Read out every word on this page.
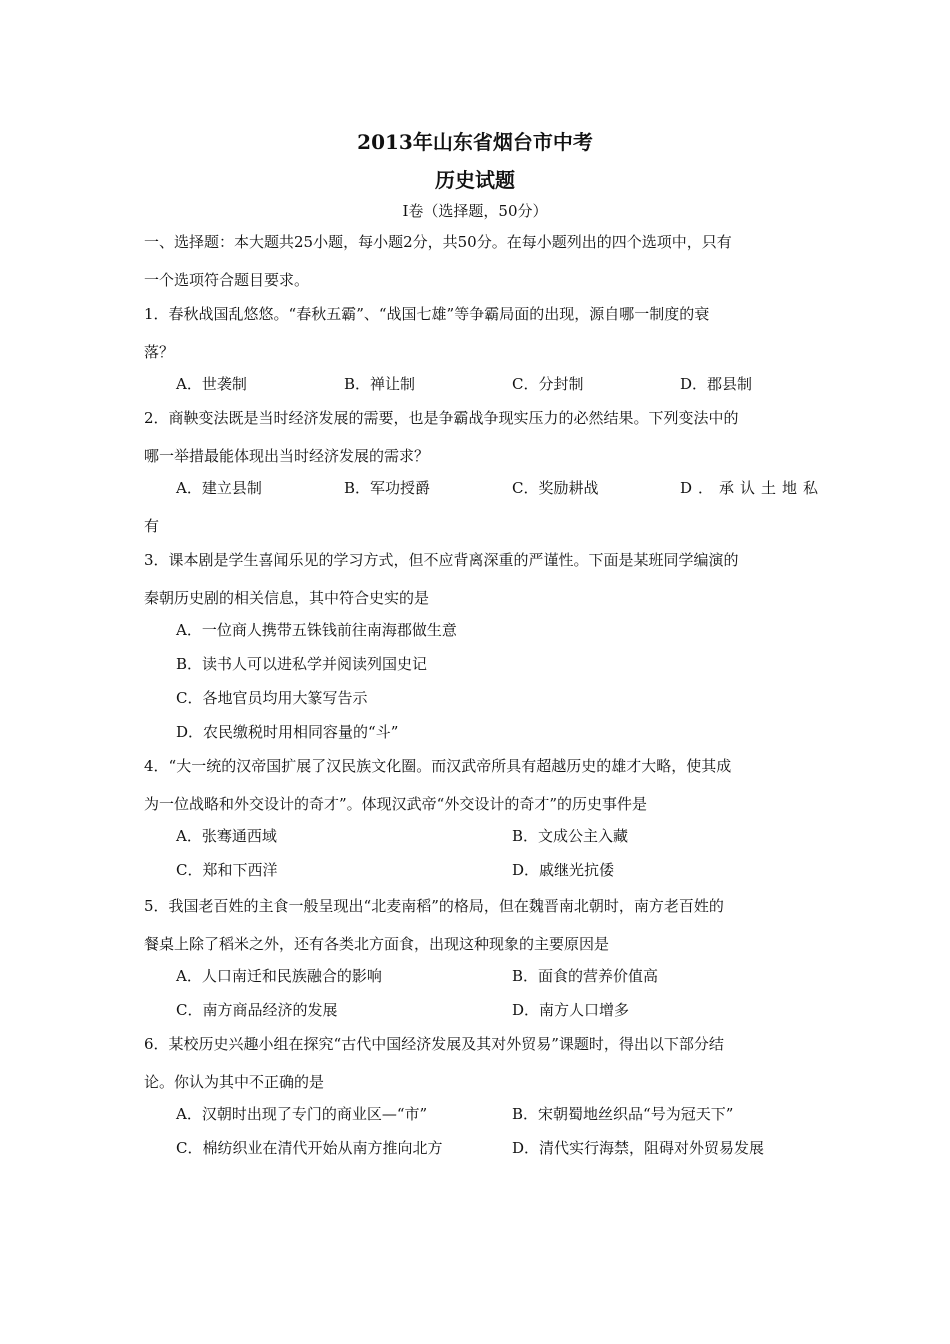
2013年山东省烟台市中考
历史试题
Ⅰ卷（选择题，50分）
一、选择题：本大题共25小题，每小题2分，共50分。在每小题列出的四个选项中，只有
一个选项符合题目要求。
1．春秋战国乱悠悠。“春秋五霸”、“战国七雄”等争霸局面的出现，源自哪一制度的衰
落？
A．世袭制	B．禅让制	C．分封制	D．郡县制
2．商鞅变法既是当时经济发展的需要，也是争霸战争现实压力的必然结果。下列变法中的
哪一举措最能体现出当时经济发展的需求？
A．建立县制	B．军功授爵	C．奖励耕战	D．承认土地私
有
3．课本剧是学生喜闻乐见的学习方式，但不应背离深重的严谨性。下面是某班同学编演的
秦朝历史剧的相关信息，其中符合史实的是
A．一位商人携带五铢钱前往南海郡做生意
B．读书人可以进私学并阅读列国史记
C．各地官员均用大篆写告示
D．农民缴税时用相同容量的“斗”
4．“大一统的汉帝国扩展了汉民族文化圈。而汉武帝所具有超越历史的雄才大略，使其成
为一位战略和外交设计的奇才”。体现汉武帝“外交设计的奇才”的历史事件是
A．张骞通西域	B．文成公主入藏
C．郑和下西洋	D．戚继光抗倭
5．我国老百姓的主食一般呈现出“北麦南稻”的格局，但在魏晋南北朝时，南方老百姓的
餐桌上除了稻米之外，还有各类北方面食，出现这种现象的主要原因是
A．人口南迁和民族融合的影响	B．面食的营养价值高
C．南方商品经济的发展	D．南方人口增多
6．某校历史兴趣小组在探究“古代中国经济发展及其对外贸易”课题时，得出以下部分结
论。你认为其中不正确的是
A．汉朝时出现了专门的商业区—“市”	B．宋朝蜀地丝织品“号为冠天下”
C．棉纺织业在清代开始从南方推向北方	D．清代实行海禁，阻碍对外贸易发展
